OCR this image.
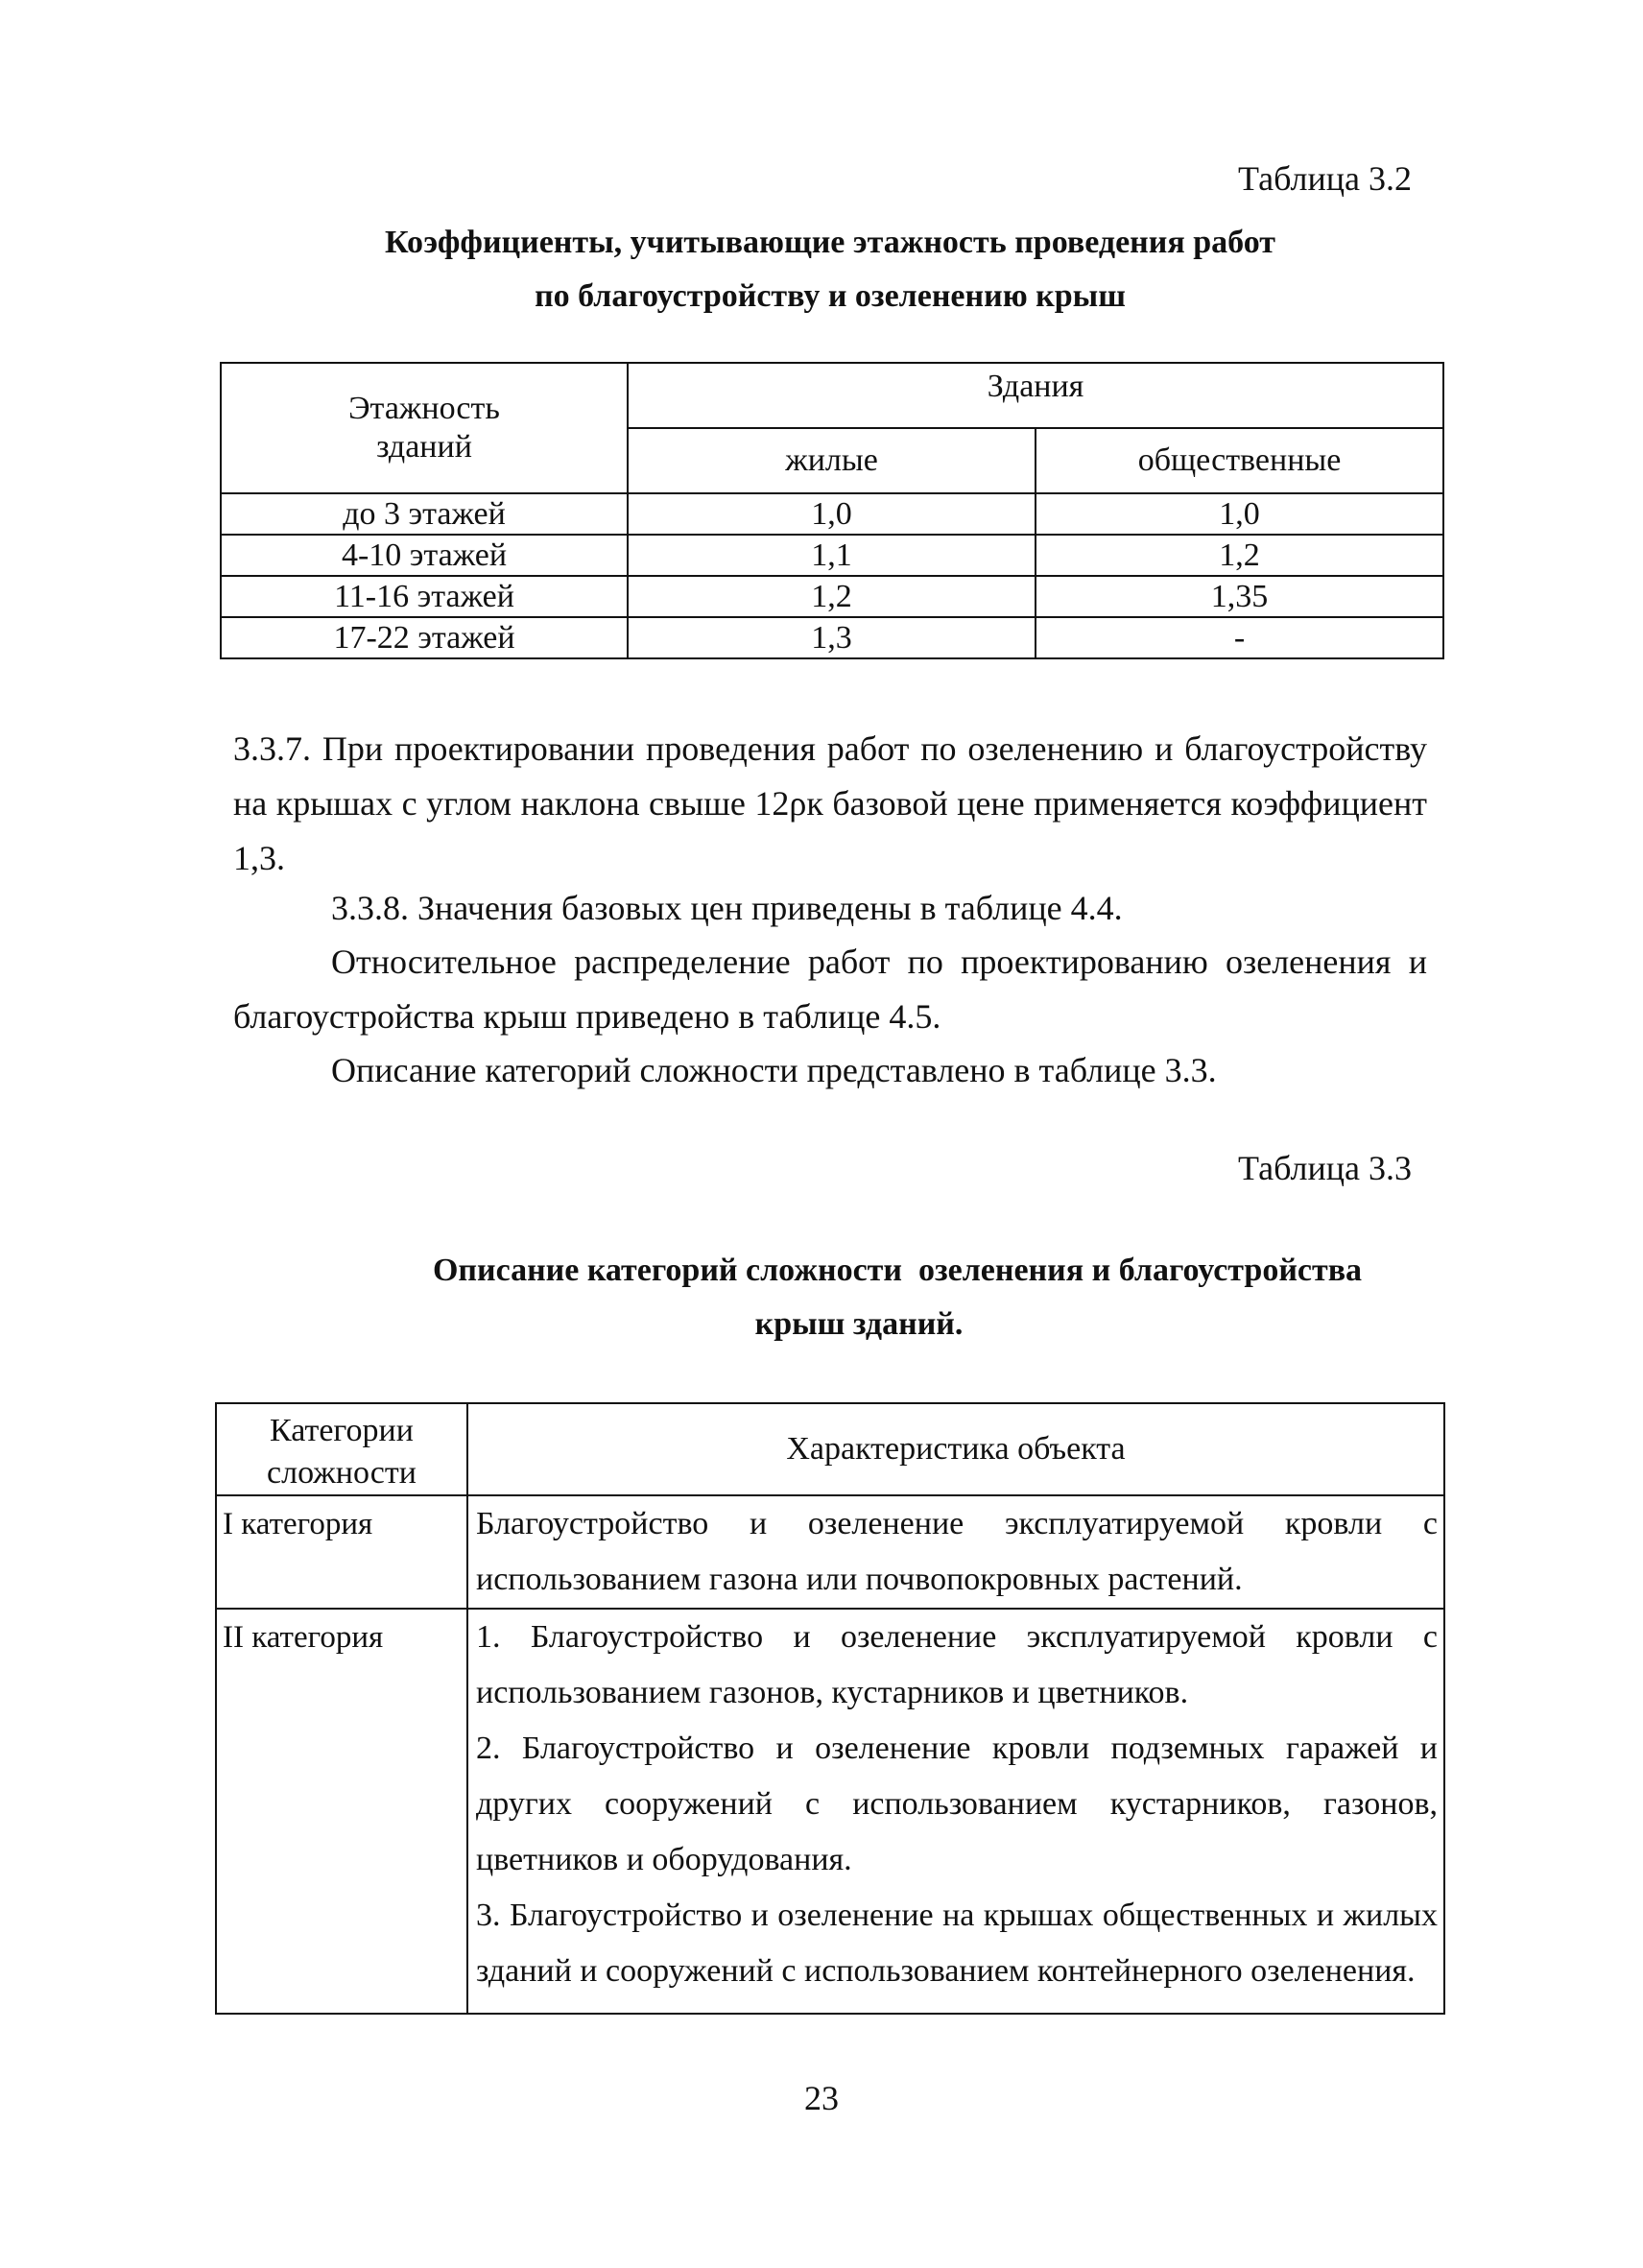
Таблица 3.2
Коэффициенты, учитывающие этажность проведения работ
по благоустройству и озеленению крыш
Этажность зданий	Здания	
	жилые	общественные
до 3 этажей	1,0	1,0
4-10 этажей	1,1	1,2
11-16 этажей	1,2	1,35
17-22 этажей	1,3	-
3.3.7. При проектировании проведения работ по озеленению и благоустройству на крышах с углом наклона свыше 12ρк базовой цене применяется коэффициент 1,3.
3.3.8. Значения базовых цен приведены в таблице 4.4.
Относительное распределение работ по проектированию озеленения и благоустройства крыш приведено в таблице 4.5.
Описание категорий сложности представлено в таблице 3.3.
Таблица 3.3
Описание категорий сложности  озеленения и благоустройства
крыш зданий.
Категории сложности	Характеристика объекта
I категория	Благоустройство и озеленение эксплуатируемой кровли с использованием газона или почвопокровных растений.
II категория	1. Благоустройство и озеленение эксплуатируемой кровли с использованием газонов, кустарников и цветников.
2. Благоустройство и озеленение кровли подземных гаражей и других сооружений с использованием кустарников, газонов, цветников и оборудования.
3. Благоустройство и озеленение на крышах общественных и жилых зданий и сооружений с использованием контейнерного озеленения.
23
